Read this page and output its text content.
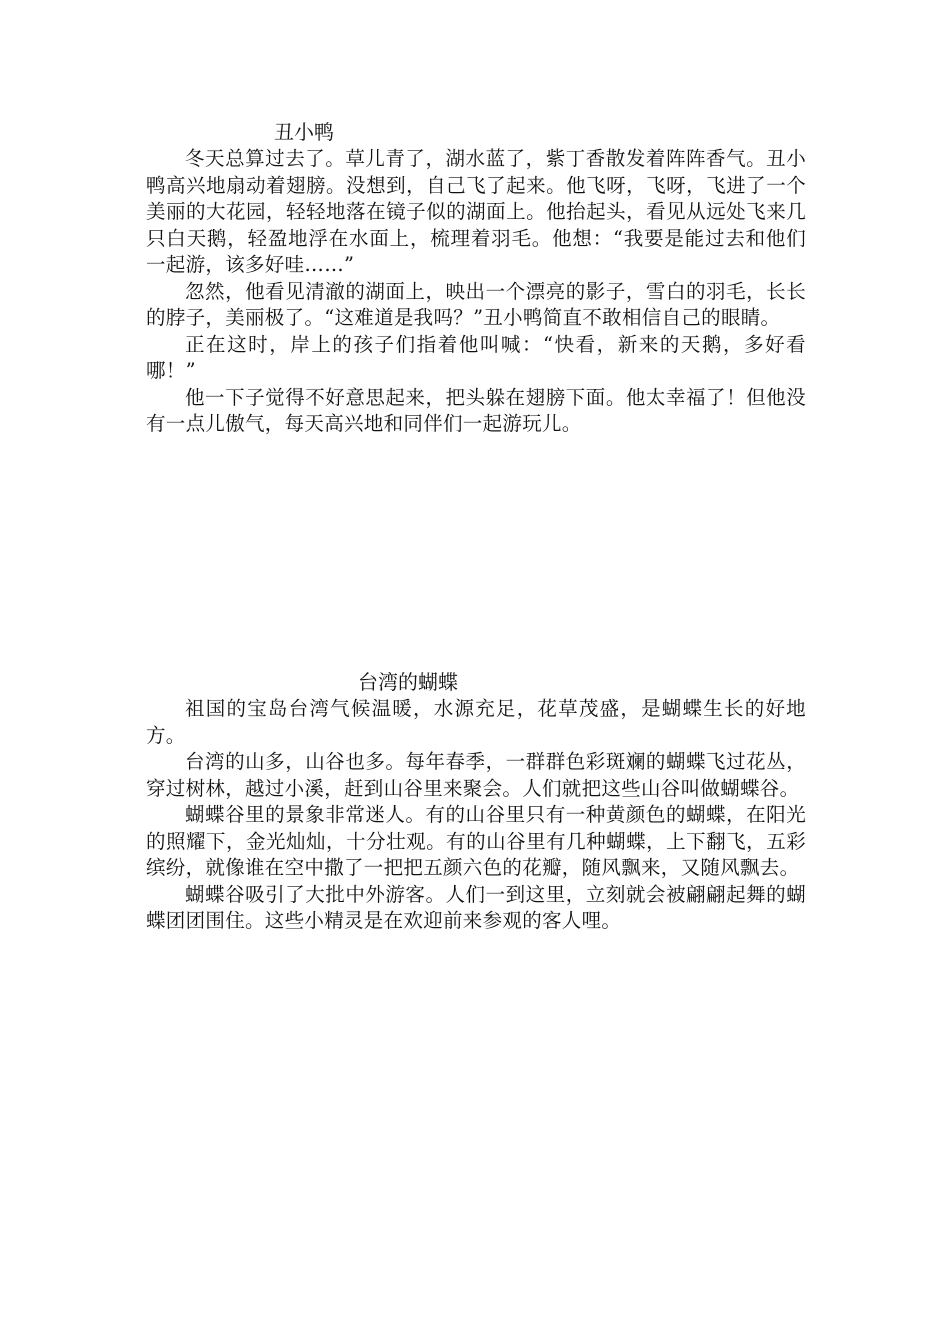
丑小鸭

冬天总算过去了。草儿青了，湖水蓝了，紫丁香散发着阵阵香气。丑小鸭高兴地扇动着翅膀。没想到，自己飞了起来。他飞呀，飞呀，飞进了一个美丽的大花园，轻轻地落在镜子似的湖面上。他抬起头，看见从远处飞来几只白天鹅，轻盈地浮在水面上，梳理着羽毛。他想：“我要是能过去和他们一起游，该多好哇……”

忽然，他看见清澈的湖面上，映出一个漂亮的影子，雪白的羽毛，长长的脖子，美丽极了。“这难道是我吗？”丑小鸭简直不敢相信自己的眼睛。

正在这时，岸上的孩子们指着他叫喊：“快看，新来的天鹅，多好看哪！”

他一下子觉得不好意思起来，把头躲在翅膀下面。他太幸福了！但他没有一点儿傲气，每天高兴地和同伴们一起游玩儿。

台湾的蝴蝶

祖国的宝岛台湾气候温暖，水源充足，花草茂盛，是蝴蝶生长的好地方。

台湾的山多，山谷也多。每年春季，一群群色彩斑斓的蝴蝶飞过花丛，穿过树林，越过小溪，赶到山谷里来聚会。人们就把这些山谷叫做蝴蝶谷。

蝴蝶谷里的景象非常迷人。有的山谷里只有一种黄颜色的蝴蝶，在阳光的照耀下，金光灿灿，十分壮观。有的山谷里有几种蝴蝶，上下翻飞，五彩缤纷，就像谁在空中撒了一把把五颜六色的花瓣，随风飘来，又随风飘去。

蝴蝶谷吸引了大批中外游客。人们一到这里，立刻就会被翩翩起舞的蝴蝶团团围住。这些小精灵是在欢迎前来参观的客人哩。
